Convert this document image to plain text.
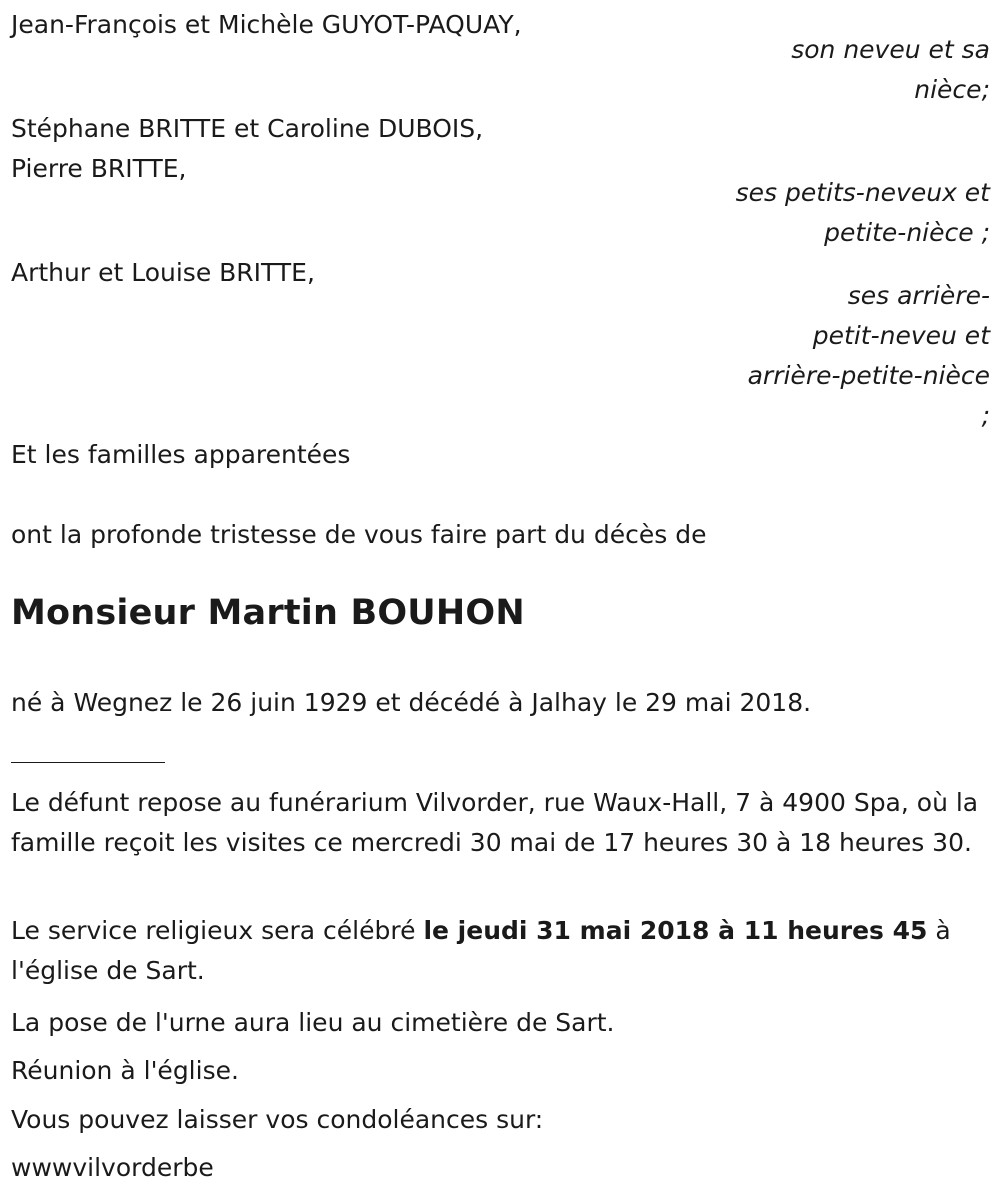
Jean-François et Michèle GUYOT-PAQUAY,
son neveu et sa
nièce;
Stéphane BRITTE et Caroline DUBOIS,
Pierre BRITTE,
ses petits-neveux et
petite-nièce ;
Arthur et Louise BRITTE,
ses arrière-
petit-neveu et
arrière-petite-nièce
;
Et les familles apparentées
ont la profonde tristesse de vous faire part du décès de
Monsieur Martin BOUHON
né à Wegnez le 26 juin 1929 et décédé à Jalhay le 29 mai 2018.
Le défunt repose au funérarium Vilvorder, rue Waux-Hall, 7 à 4900 Spa, où la famille reçoit les visites ce mercredi 30 mai de 17 heures 30 à 18 heures 30.
Le service religieux sera célébré le jeudi 31 mai 2018 à 11 heures 45 à l'église de Sart.
La pose de l'urne aura lieu au cimetière de Sart.
Réunion à l'église.
Vous pouvez laisser vos condoléances sur:
wwwvilvorderbe
